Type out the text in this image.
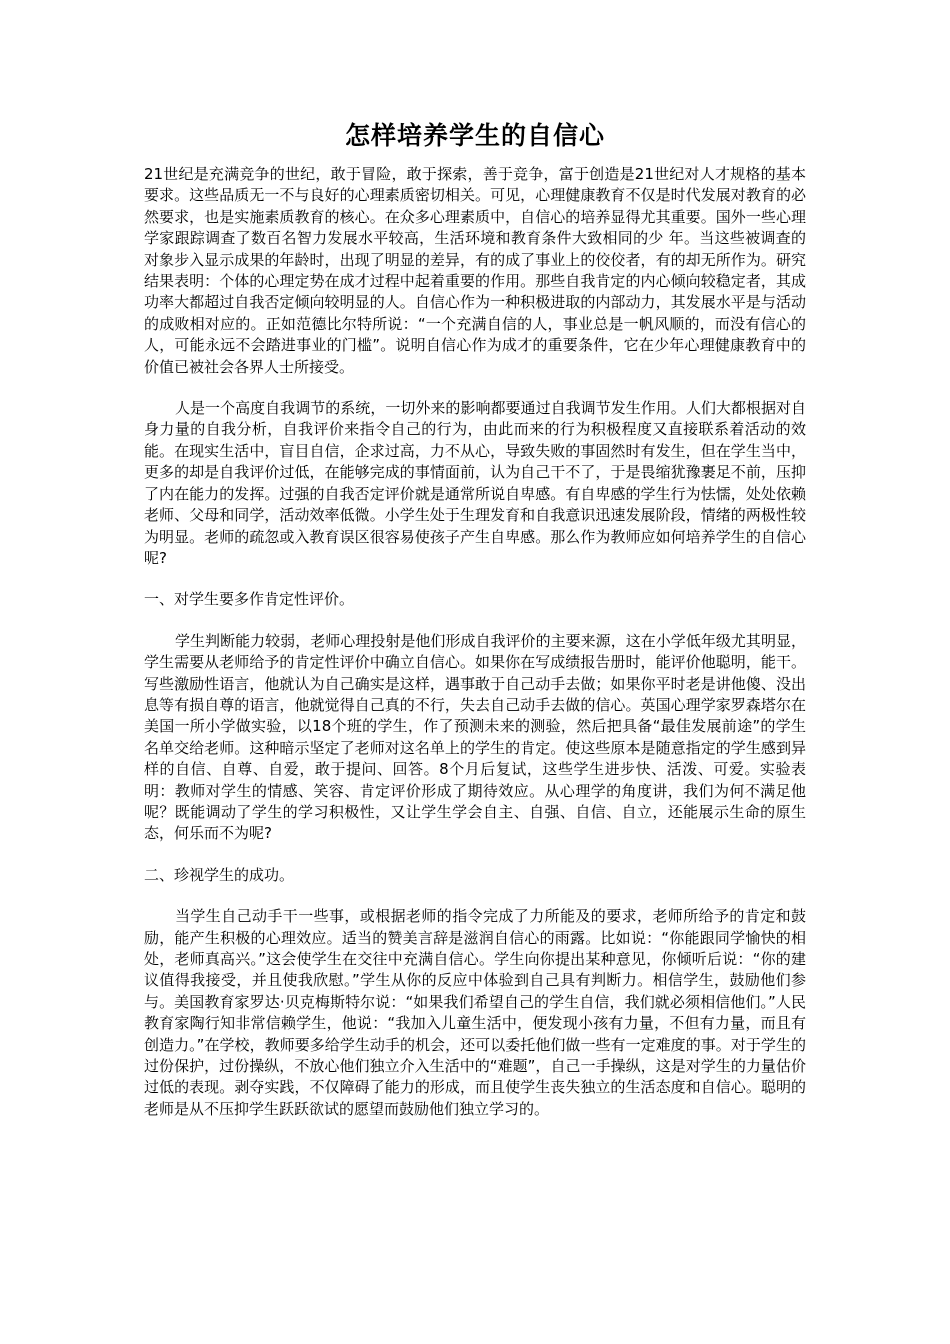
怎样培养学生的自信心

21世纪是充满竞争的世纪，敢于冒险，敢于探索，善于竞争，富于创造是21世纪对人才规格的基本要求。这些品质无一不与良好的心理素质密切相关。可见，心理健康教育不仅是时代发展对教育的必然要求，也是实施素质教育的核心。在众多心理素质中，自信心的培养显得尤其重要。国外一些心理学家跟踪调查了数百名智力发展水平较高，生活环境和教育条件大致相同的少 年。当这些被调查的对象步入显示成果的年龄时，出现了明显的差异，有的成了事业上的佼佼者，有的却无所作为。研究结果表明：个体的心理定势在成才过程中起着重要的作用。那些自我肯定的内心倾向较稳定者，其成功率大都超过自我否定倾向较明显的人。自信心作为一种积极进取的内部动力，其发展水平是与活动的成败相对应的。正如范德比尔特所说：“一个充满自信的人，事业总是一帆风顺的，而没有信心的人，可能永远不会踏进事业的门槛”。说明自信心作为成才的重要条件，它在少年心理健康教育中的价值已被社会各界人士所接受。

人是一个高度自我调节的系统，一切外来的影响都要通过自我调节发生作用。人们大都根据对自身力量的自我分析，自我评价来指令自己的行为，由此而来的行为积极程度又直接联系着活动的效能。在现实生活中，盲目自信，企求过高，力不从心，导致失败的事固然时有发生，但在学生当中，更多的却是自我评价过低，在能够完成的事情面前，认为自己干不了，于是畏缩犹豫裹足不前，压抑了内在能力的发挥。过强的自我否定评价就是通常所说自卑感。有自卑感的学生行为怯懦，处处依赖老师、父母和同学，活动效率低微。小学生处于生理发育和自我意识迅速发展阶段，情绪的两极性较为明显。老师的疏忽或入教育误区很容易使孩子产生自卑感。那么作为教师应如何培养学生的自信心呢?

一、对学生要多作肯定性评价。

学生判断能力较弱，老师心理投射是他们形成自我评价的主要来源，这在小学低年级尤其明显，学生需要从老师给予的肯定性评价中确立自信心。如果你在写成绩报告册时，能评价他聪明，能干。写些激励性语言，他就认为自己确实是这样，遇事敢于自己动手去做；如果你平时老是讲他傻、没出息等有损自尊的语言，他就觉得自己真的不行，失去自己动手去做的信心。英国心理学家罗森塔尔在美国一所小学做实验，以18个班的学生，作了预测未来的测验，然后把具备“最佳发展前途”的学生名单交给老师。这种暗示坚定了老师对这名单上的学生的肯定。使这些原本是随意指定的学生感到异样的自信、自尊、自爱，敢于提问、回答。8个月后复试，这些学生进步快、活泼、可爱。实验表明：教师对学生的情感、笑容、肯定评价形成了期待效应。从心理学的角度讲，我们为何不满足他呢？既能调动了学生的学习积极性，又让学生学会自主、自强、自信、自立，还能展示生命的原生态，何乐而不为呢?

二、珍视学生的成功。

当学生自己动手干一些事，或根据老师的指令完成了力所能及的要求，老师所给予的肯定和鼓励，能产生积极的心理效应。适当的赞美言辞是滋润自信心的雨露。比如说：“你能跟同学愉快的相处，老师真高兴。”这会使学生在交往中充满自信心。学生向你提出某种意见，你倾听后说：“你的建议值得我接受，并且使我欣慰。”学生从你的反应中体验到自己具有判断力。相信学生，鼓励他们参与。美国教育家罗达·贝克梅斯特尔说：“如果我们希望自己的学生自信，我们就必须相信他们。”人民教育家陶行知非常信赖学生，他说：“我加入儿童生活中，便发现小孩有力量，不但有力量，而且有创造力。”在学校，教师要多给学生动手的机会，还可以委托他们做一些有一定难度的事。对于学生的过份保护，过份操纵，不放心他们独立介入生活中的“难题”，自己一手操纵，这是对学生的力量估价过低的表现。剥夺实践，不仅障碍了能力的形成，而且使学生丧失独立的生活态度和自信心。聪明的老师是从不压抑学生跃跃欲试的愿望而鼓励他们独立学习的。
